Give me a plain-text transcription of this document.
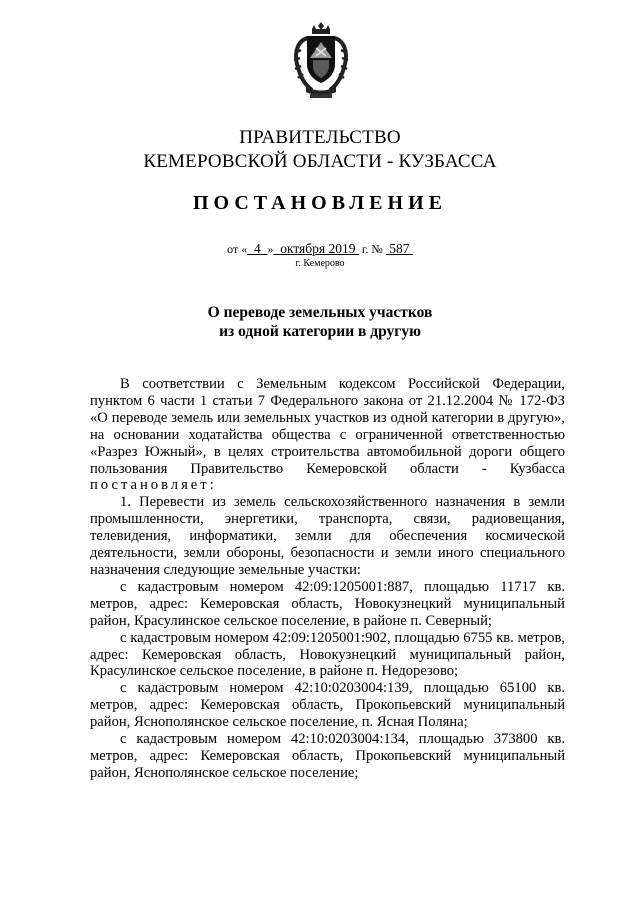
ПРАВИТЕЛЬСТВО
КЕМЕРОВСКОЙ ОБЛАСТИ - КУЗБАССА
ПОСТАНОВЛЕНИЕ
от « 4 » октября 2019 г. № 587
г. Кемерово
О переводе земельных участков
из одной категории в другую

В соответствии с Земельным кодексом Российской Федерации, пунктом 6 части 1 статьи 7 Федерального закона от 21.12.2004 № 172-ФЗ «О переводе земель или земельных участков из одной категории в другую», на основании ходатайства общества с ограниченной ответственностью «Разрез Южный», в целях строительства автомобильной дороги общего пользования Правительство Кемеровской области - Кузбасса постановляет:

1. Перевести из земель сельскохозяйственного назначения в земли промышленности, энергетики, транспорта, связи, радиовещания, телевидения, информатики, земли для обеспечения космической деятельности, земли обороны, безопасности и земли иного специального назначения следующие земельные участки:

с кадастровым номером 42:09:1205001:887, площадью 11717 кв. метров, адрес: Кемеровская область, Новокузнецкий муниципальный район, Красулинское сельское поселение, в районе п. Северный;

с кадастровым номером 42:09:1205001:902, площадью 6755 кв. метров, адрес: Кемеровская область, Новокузнецкий муниципальный район, Красулинское сельское поселение, в районе п. Недорезово;

с кадастровым номером 42:10:0203004:139, площадью 65100 кв. метров, адрес: Кемеровская область, Прокопьевский муниципальный район, Яснополянское сельское поселение, п. Ясная Поляна;

с кадастровым номером 42:10:0203004:134, площадью 373800 кв. метров, адрес: Кемеровская область, Прокопьевский муниципальный район, Яснополянское сельское поселение;
